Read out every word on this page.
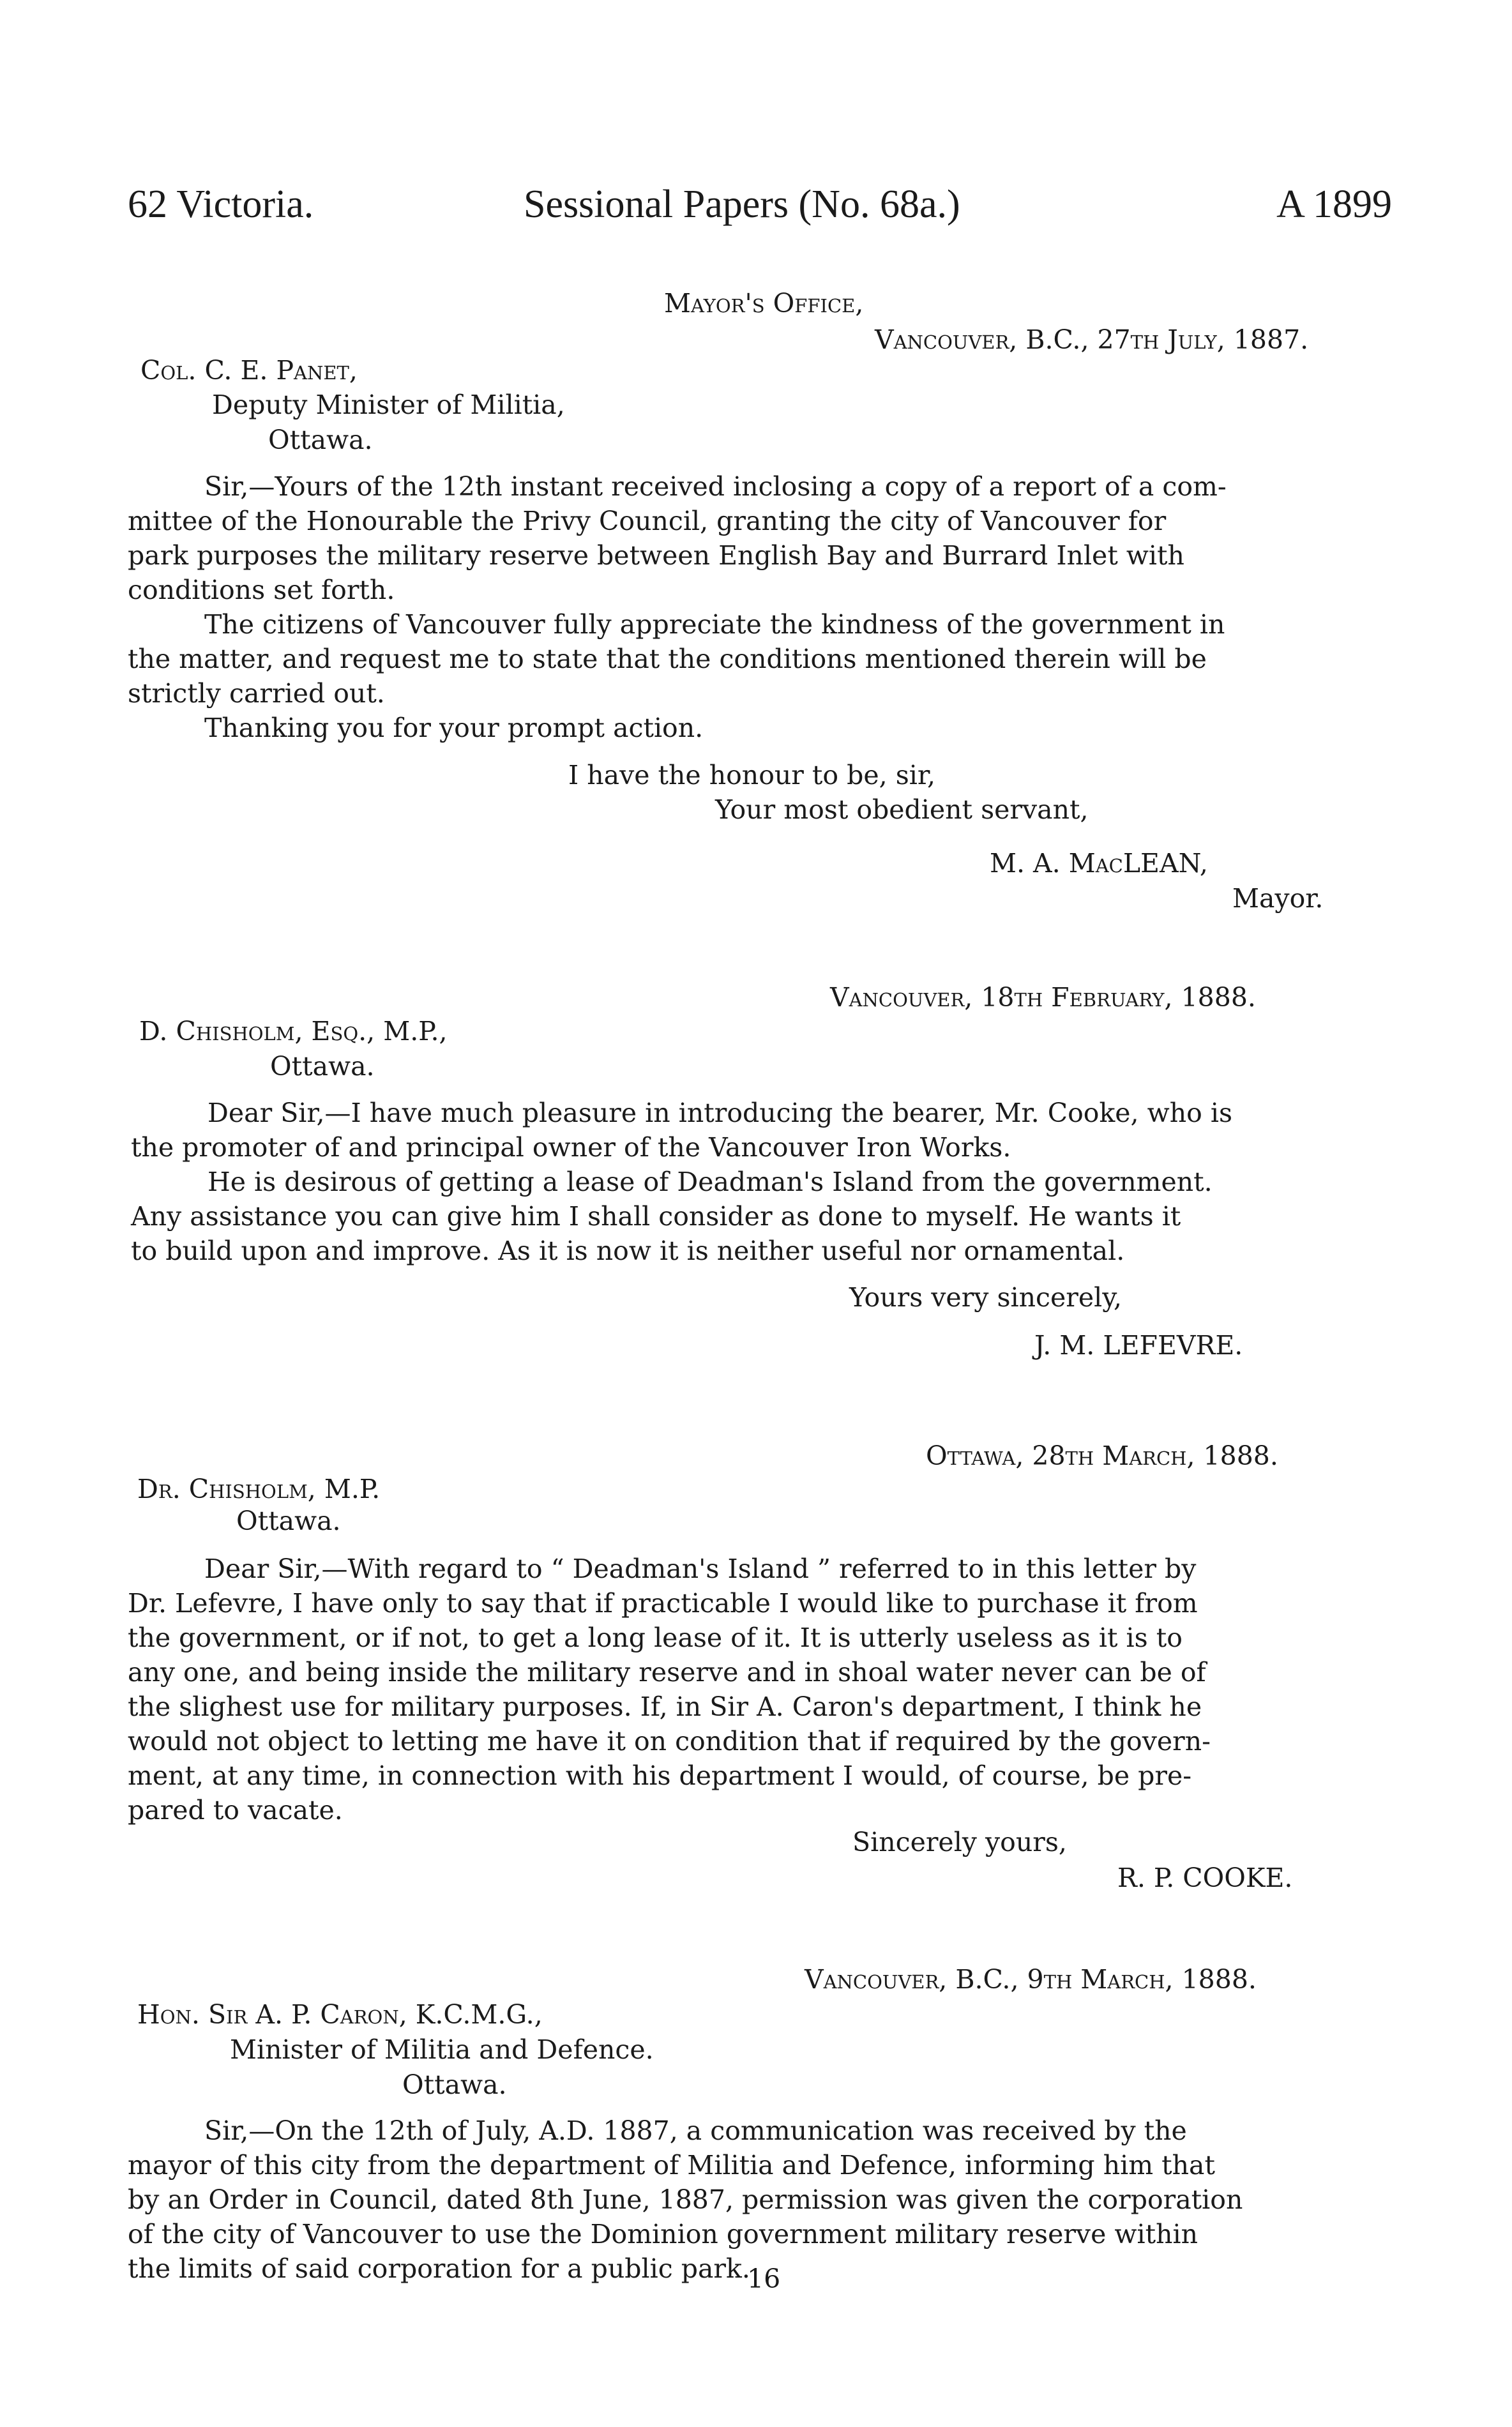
62 Victoria.	Sessional Papers (No. 68a.)	A 1899
Mayor's Office,
Vancouver, B.C., 27th July, 1887.
Col. C. E. Panet,
Deputy Minister of Militia,
Ottawa.
Sir,—Yours of the 12th instant received inclosing a copy of a report of a com-
mittee of the Honourable the Privy Council, granting the city of Vancouver for
park purposes the military reserve between English Bay and Burrard Inlet with
conditions set forth.
The citizens of Vancouver fully appreciate the kindness of the government in
the matter, and request me to state that the conditions mentioned therein will be
strictly carried out.
Thanking you for your prompt action.
I have the honour to be, sir,
Your most obedient servant,
M. A. MacLEAN,
Mayor.
Vancouver, 18th February, 1888.
D. Chisholm, Esq., M.P.,
Ottawa.
Dear Sir,—I have much pleasure in introducing the bearer, Mr. Cooke, who is
the promoter of and principal owner of the Vancouver Iron Works.
He is desirous of getting a lease of Deadman's Island from the government.
Any assistance you can give him I shall consider as done to myself. He wants it
to build upon and improve. As it is now it is neither useful nor ornamental.
Yours very sincerely,
J. M. LEFEVRE.
Ottawa, 28th March, 1888.
Dr. Chisholm, M.P.
Ottawa.
Dear Sir,—With regard to “ Deadman's Island ” referred to in this letter by
Dr. Lefevre, I have only to say that if practicable I would like to purchase it from
the government, or if not, to get a long lease of it. It is utterly useless as it is to
any one, and being inside the military reserve and in shoal water never can be of
the slighest use for military purposes. If, in Sir A. Caron's department, I think he
would not object to letting me have it on condition that if required by the govern-
ment, at any time, in connection with his department I would, of course, be pre-
pared to vacate.
Sincerely yours,
R. P. COOKE.
Vancouver, B.C., 9th March, 1888.
Hon. Sir A. P. Caron, K.C.M.G.,
Minister of Militia and Defence.
Ottawa.
Sir,—On the 12th of July, A.D. 1887, a communication was received by the
mayor of this city from the department of Militia and Defence, informing him that
by an Order in Council, dated 8th June, 1887, permission was given the corporation
of the city of Vancouver to use the Dominion government military reserve within
the limits of said corporation for a public park.
16
